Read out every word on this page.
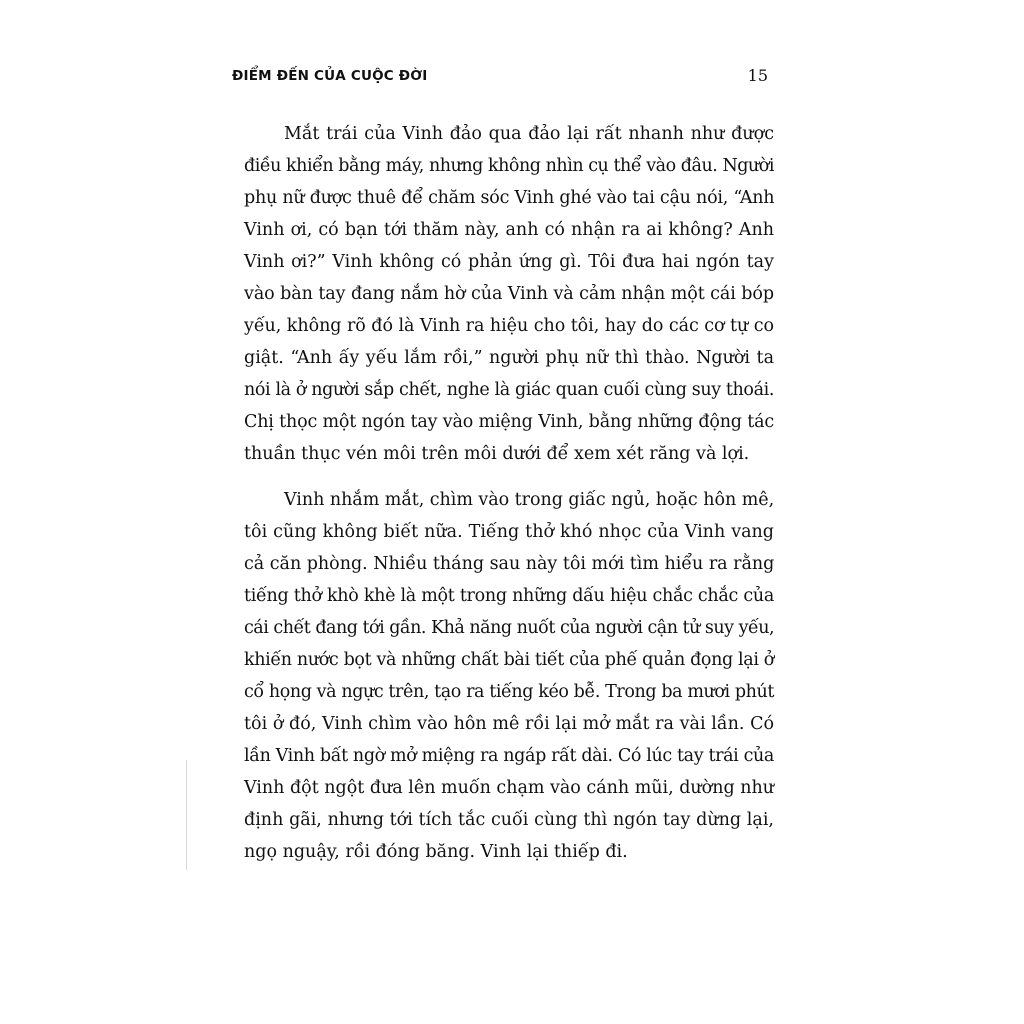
ĐIỂM ĐẾN CỦA CUỘC ĐỜI	15

Mắt trái của Vinh đảo qua đảo lại rất nhanh như được
điều khiển bằng máy, nhưng không nhìn cụ thể vào đâu. Người
phụ nữ được thuê để chăm sóc Vinh ghé vào tai cậu nói, “Anh
Vinh ơi, có bạn tới thăm này, anh có nhận ra ai không? Anh
Vinh ơi?” Vinh không có phản ứng gì. Tôi đưa hai ngón tay
vào bàn tay đang nắm hờ của Vinh và cảm nhận một cái bóp
yếu, không rõ đó là Vinh ra hiệu cho tôi, hay do các cơ tự co
giật. “Anh ấy yếu lắm rồi,” người phụ nữ thì thào. Người ta
nói là ở người sắp chết, nghe là giác quan cuối cùng suy thoái.
Chị thọc một ngón tay vào miệng Vinh, bằng những động tác
thuần thục vén môi trên môi dưới để xem xét răng và lợi.

Vinh nhắm mắt, chìm vào trong giấc ngủ, hoặc hôn mê,
tôi cũng không biết nữa. Tiếng thở khó nhọc của Vinh vang
cả căn phòng. Nhiều tháng sau này tôi mới tìm hiểu ra rằng
tiếng thở khò khè là một trong những dấu hiệu chắc chắc của
cái chết đang tới gần. Khả năng nuốt của người cận tử suy yếu,
khiến nước bọt và những chất bài tiết của phế quản đọng lại ở
cổ họng và ngực trên, tạo ra tiếng kéo bễ. Trong ba mươi phút
tôi ở đó, Vinh chìm vào hôn mê rồi lại mở mắt ra vài lần. Có
lần Vinh bất ngờ mở miệng ra ngáp rất dài. Có lúc tay trái của
Vinh đột ngột đưa lên muốn chạm vào cánh mũi, dường như
định gãi, nhưng tới tích tắc cuối cùng thì ngón tay dừng lại,
ngọ nguậy, rồi đóng băng. Vinh lại thiếp đi.
